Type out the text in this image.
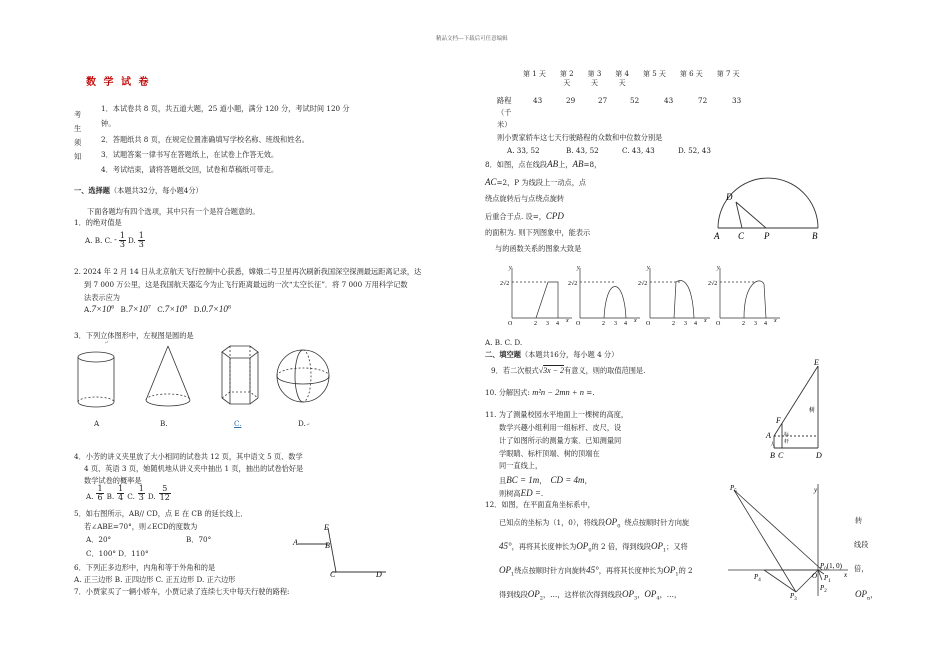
精品文档---下载后可任意编辑
数 学 试 卷
考
生
须
知
1．本试卷共 8 页，共五道大题，25 道小题，满分 120 分，考试时间 120 分
钟。
2．答题纸共 8 页，在规定位置准确填写学校名称、班级和姓名。
3．试题答案一律书写在答题纸上，在试卷上作答无效。
4．考试结束，请将答题纸交回，试卷和草稿纸可带走。
一、选择题（本题共32分，每小题4分）
下面各题均有四个选项，其中只有一个是符合题意的。
1．的绝对值是
A. B. C. - $\frac{1}{3} D$. $\frac{1}{3}$
2. 2024 年 2 月 14 日从北京航天飞行控制中心获悉，嫦娥二号卫星再次刷新我国深空探测最远距离记录，达
到 7 000 万公里，这是我国航天器迄今为止飞行距离最远的一次“太空长征”．将 7 000 万用科学记数
法表示应为
$A.7\times 10^6$ $B.7\times 10^7$ $C.7\times 10^8$ $D.0.7\times 10^8$
3．下列立体图形中，左视图是圆的是
↵
A	B.	C.	D.↵
4．小芳的讲义夹里放了大小相同的试卷共 12 页，其中语文 5 页、数学
4 页、英语 3 页，她随机地从讲义夹中抽出 1 页，抽出的试卷恰好是
数学试卷的概率是
A. $\frac{1}{6} B$. $\frac{1}{4} C$. $\frac{1}{3} D$. $\frac{5}{12}$
5．如右图所示，AB// CD，点 E 在 CB 的延长线上．
若∠ABE=70°，则∠ECD的度数为
A．20°	B．70°
C．100° D．110°
A	B
C	D
E
6．下列正多边形中，内角和等于外角和的是
A. 正三边形 B. 正四边形 C. 正五边形 D. 正六边形
7．小贾家买了一辆小轿车，小贾记录了连续七天中每天行驶的路程:
第 1 天	第 2	第 3	第 4	第 5 天	第 6 天	第 7 天
	天	天	天			
路程
（千
米）
43	29	27	52	43	72	33
则小贾家轿车这七天行驶路程的众数和中位数分别是
A. 33, 52	B. 43, 52	C. 43, 43	D. 52, 43
8．如图，点在线段AB上，AB=8，
AC=2，P 为线段上一动点，点
绕点旋转后与点绕点旋转
后重合于点. 设=，CPD
的面积为. 则下列图象中，能表示
与的函数关系的图象大致是
D
A C P	B
y
2√2
O	2 3 4 x
y
2√2
O	2 3 4 x
y
2√2
O	2 3 4 x
y
2√2
O	2 3 4 x
A. B. C. D.
二、填空题（本题共16分，每小题 4 分）
9．若二次根式√3x − 2有意义，则的取值范围是.
10. 分解因式: m²n − 2mn + n =.
11. 为了测量校园水平地面上一棵树的高度，
数学兴趣小组利用一组标杆、皮尺，设
计了如图所示的测量方案．已知测量同
学眼睛、标杆顶端、树的顶端在
同一直线上，
且BC = 1m， CD = 4m，
则树高ED =.
E
F
A
B C	D
树
人
标
杆
12．如图，在平面直角坐标系中，
已知点的坐标为（1，0），将线段$OP_0$ 绕点按顺时针方向旋	转
45°，再将其长度伸长为$OP_0$的 2 倍，得到线段$OP_1$；又将	线段
$OP_1$绕点按顺时针方向旋转45°，再将其长度伸长为$OP_1$的 2	倍，
得到线段$OP_2$，…，这样依次得到线段$OP_3$，$OP_4$，…，	$OP_n$，
$P_5$	y
$P_0(1$, 0)
O $P_1$
x
$P_4$
$P_2$
$P_3$
